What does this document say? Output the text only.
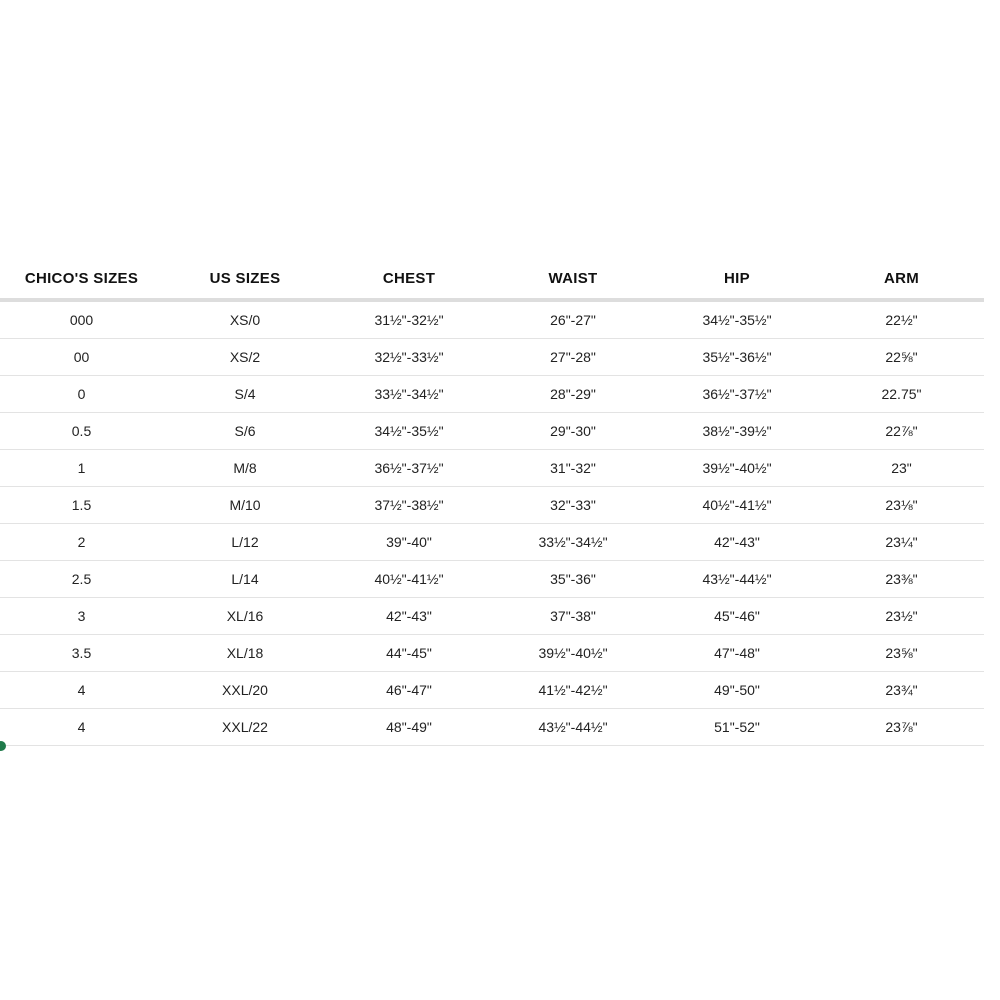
CHICO'S SIZES	US SIZES	CHEST	WAIST	HIP	ARM
000	XS/0	31½"-32½"	26"-27"	34½"-35½"	22½"
00	XS/2	32½"-33½"	27"-28"	35½"-36½"	22⅝"
0	S/4	33½"-34½"	28"-29"	36½"-37½"	22.75"
0.5	S/6	34½"-35½"	29"-30"	38½"-39½"	22⅞"
1	M/8	36½"-37½"	31"-32"	39½"-40½"	23"
1.5	M/10	37½"-38½"	32"-33"	40½"-41½"	23⅛"
2	L/12	39"-40"	33½"-34½"	42"-43"	23¼"
2.5	L/14	40½"-41½"	35"-36"	43½"-44½"	23⅜"
3	XL/16	42"-43"	37"-38"	45"-46"	23½"
3.5	XL/18	44"-45"	39½"-40½"	47"-48"	23⅝"
4	XXL/20	46"-47"	41½"-42½"	49"-50"	23¾"
4	XXL/22	48"-49"	43½"-44½"	51"-52"	23⅞"
